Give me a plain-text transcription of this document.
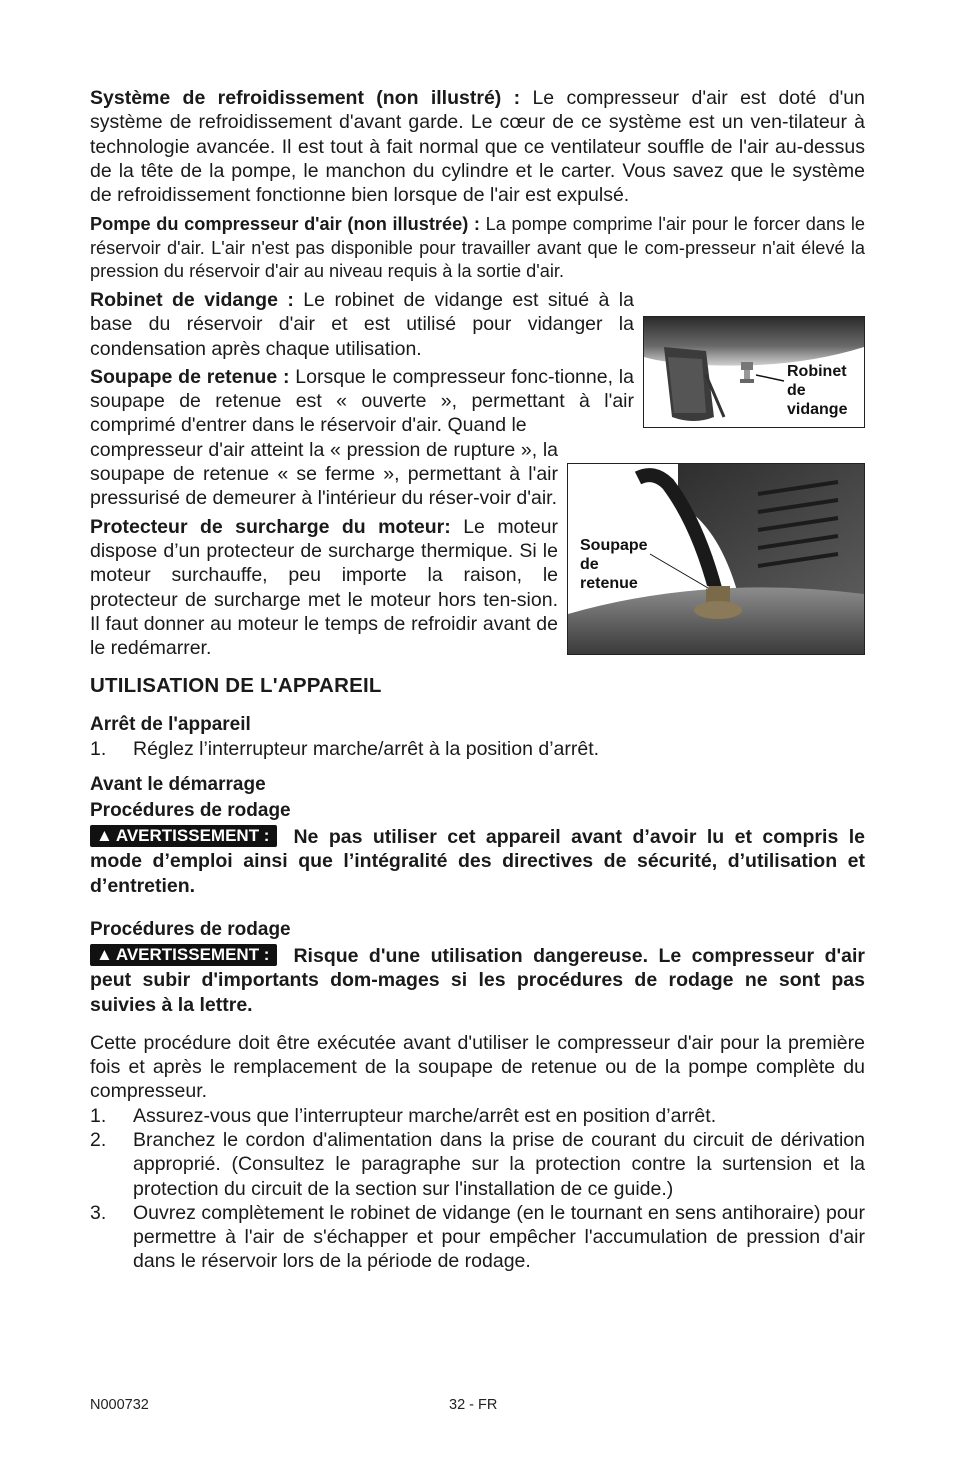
Robinet
de
vidange
Soupape
de
retenue

Système de refroidissement (non illustré) : Le compresseur d'air est doté d'un système de refroidissement d'avant garde. Le cœur de ce système est un ven-tilateur à technologie avancée. Il est tout à fait normal que ce ventilateur souffle de l'air au-dessus de la tête de la pompe, le manchon du cylindre et le carter. Vous savez que le système de refroidissement fonctionne bien lorsque de l'air est expulsé.

Pompe du compresseur d'air (non illustrée) : La pompe comprime l'air pour le forcer dans le réservoir d'air. L'air n'est pas disponible pour travailler avant que le com-presseur n'ait élevé la pression du réservoir d'air au niveau requis à la sortie d'air.

Robinet de vidange : Le robinet de vidange est situé à la base du réservoir d'air et est utilisé pour vidanger la condensation après chaque utilisation.

Soupape de retenue : Lorsque le compresseur fonc-tionne, la soupape de retenue est « ouverte », permettant à l'air comprimé d'entrer dans le réservoir d'air. Quand le

compresseur d'air atteint la « pression de rupture », la soupape de retenue « se ferme », permettant à l'air pressurisé de demeurer à l'intérieur du réser-voir d'air.

Protecteur de surcharge du moteur: Le moteur dispose d’un protecteur de surcharge thermique. Si le moteur surchauffe, peu importe la raison, le protecteur de surcharge met le moteur hors ten-sion. Il faut donner au moteur le temps de refroidir avant de le redémarrer.

UTILISATION DE L'APPAREIL
Arrêt de l'appareil
1.	Réglez l’interrupteur marche/arrêt à la position d’arrêt.
Avant le démarrage
Procédures de rodage

▲ AVERTISSEMENT : Ne pas utiliser cet appareil avant d’avoir lu et compris le mode d’emploi ainsi que l’intégralité des directives de sécurité, d’utilisation et d’entretien.

Procédures de rodage

▲ AVERTISSEMENT : Risque d'une utilisation dangereuse. Le compresseur d'air peut subir d'importants dom-mages si les procédures de rodage ne sont pas suivies à la lettre.

Cette procédure doit être exécutée avant d'utiliser le compresseur d'air pour la première fois et après le remplacement de la soupape de retenue ou de la pompe complète du compresseur.

1.	Assurez-vous que l’interrupteur marche/arrêt est en position d’arrêt.
2.	Branchez le cordon d'alimentation dans la prise de courant du circuit de dérivation approprié. (Consultez le paragraphe sur la protection contre la surtension et la protection du circuit de la section sur l'installation de ce guide.)
3.	Ouvrez complètement le robinet de vidange (en le tournant en sens antihoraire) pour permettre à l'air de s'échapper et pour empêcher l'accumulation de pression d'air dans le réservoir lors de la période de rodage.
N000732	32 - FR
